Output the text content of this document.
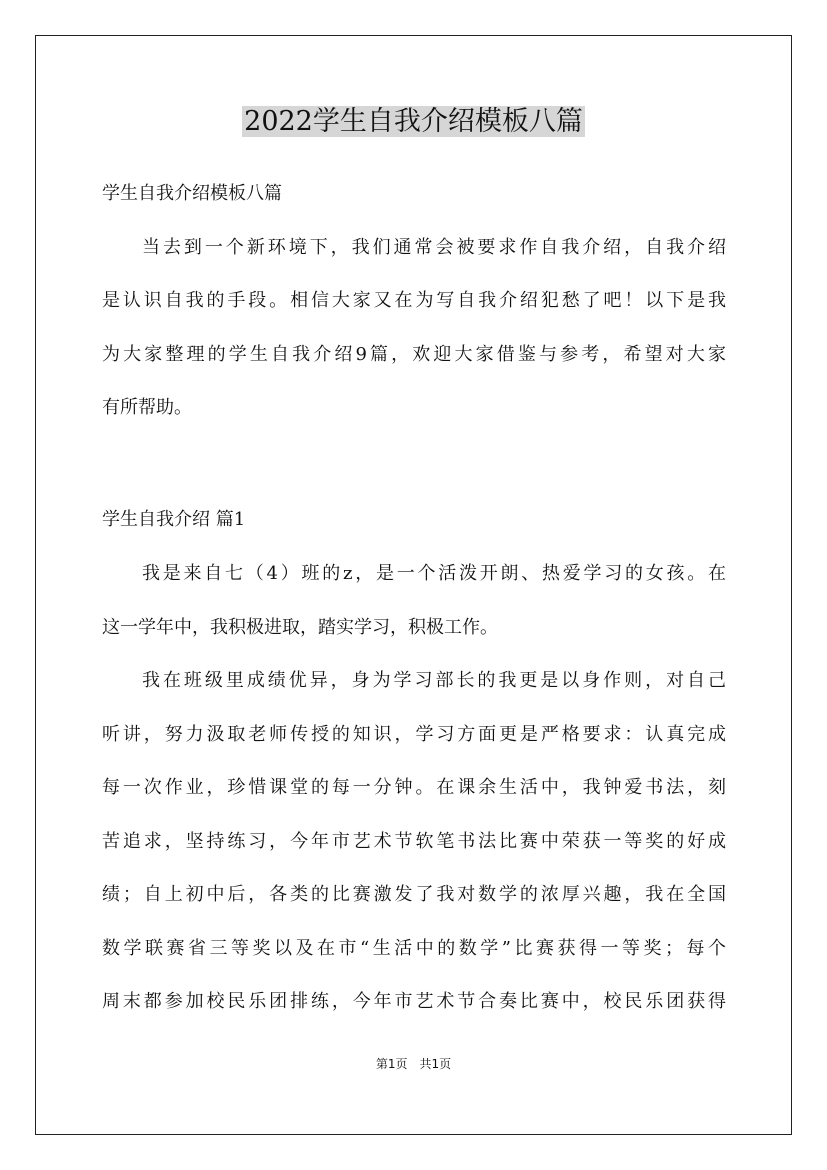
2022学生自我介绍模板八篇

学生自我介绍模板八篇

当去到一个新环境下，我们通常会被要求作自我介绍，自我介绍

是认识自我的手段。相信大家又在为写自我介绍犯愁了吧！以下是我

为大家整理的学生自我介绍9篇，欢迎大家借鉴与参考，希望对大家

有所帮助。

学生自我介绍 篇1

我是来自七（4）班的z，是一个活泼开朗、热爱学习的女孩。在

这一学年中，我积极进取，踏实学习，积极工作。

我在班级里成绩优异，身为学习部长的我更是以身作则，对自己

听讲，努力汲取老师传授的知识，学习方面更是严格要求：认真完成

每一次作业，珍惜课堂的每一分钟。在课余生活中，我钟爱书法，刻

苦追求，坚持练习，今年市艺术节软笔书法比赛中荣获一等奖的好成

绩；自上初中后，各类的比赛激发了我对数学的浓厚兴趣，我在全国

数学联赛省三等奖以及在市“生活中的数学”比赛获得一等奖；每个

周末都参加校民乐团排练，今年市艺术节合奏比赛中，校民乐团获得

第1页　共1页
